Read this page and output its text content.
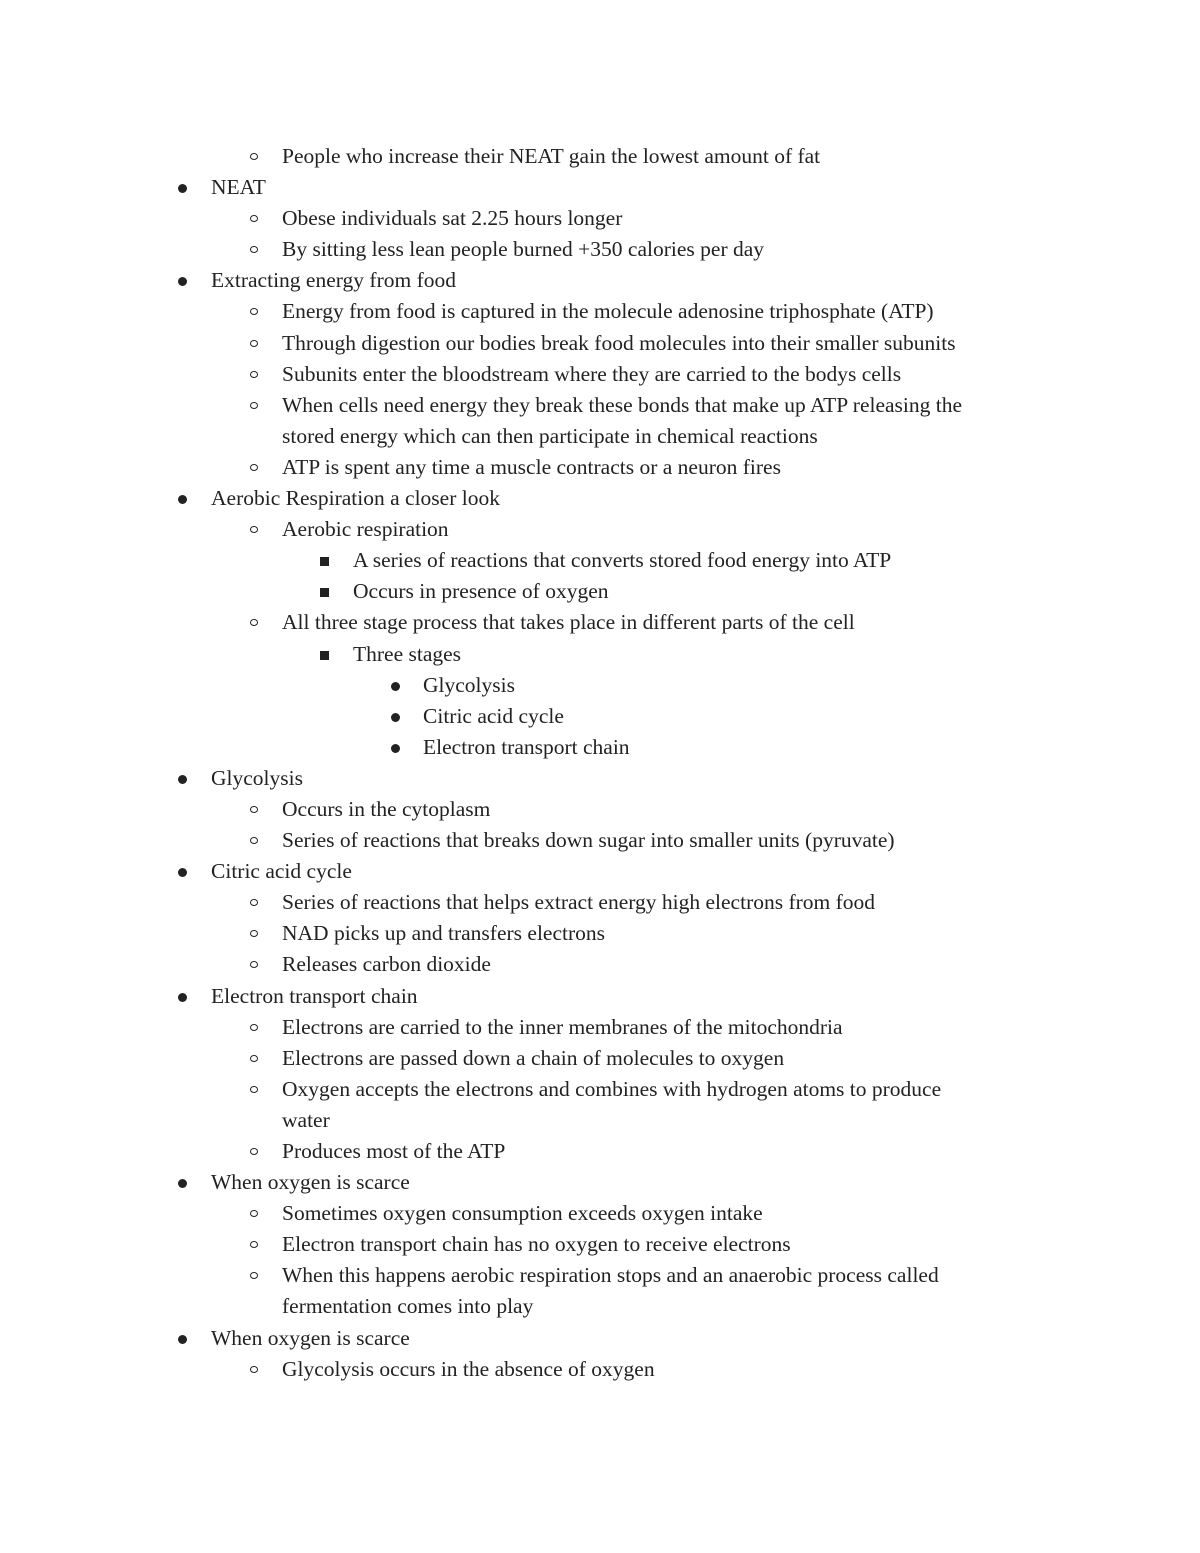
People who increase their NEAT gain the lowest amount of fat
NEAT
Obese individuals sat 2.25 hours longer
By sitting less lean people burned +350 calories per day
Extracting energy from food
Energy from food is captured in the molecule adenosine triphosphate (ATP)
Through digestion our bodies break food molecules into their smaller subunits
Subunits enter the bloodstream where they are carried to the bodys cells
When cells need energy they break these bonds that make up ATP releasing the
stored energy which can then participate in chemical reactions
ATP is spent any time a muscle contracts or a neuron fires
Aerobic Respiration a closer look
Aerobic respiration
A series of reactions that converts stored food energy into ATP
Occurs in presence of oxygen
All three stage process that takes place in different parts of the cell
Three stages
Glycolysis
Citric acid cycle
Electron transport chain
Glycolysis
Occurs in the cytoplasm
Series of reactions that breaks down sugar into smaller units (pyruvate)
Citric acid cycle
Series of reactions that helps extract energy high electrons from food
NAD picks up and transfers electrons
Releases carbon dioxide
Electron transport chain
Electrons are carried to the inner membranes of the mitochondria
Electrons are passed down a chain of molecules to oxygen
Oxygen accepts the electrons and combines with hydrogen atoms to produce
water
Produces most of the ATP
When oxygen is scarce
Sometimes oxygen consumption exceeds oxygen intake
Electron transport chain has no oxygen to receive electrons
When this happens aerobic respiration stops and an anaerobic process called
fermentation comes into play
When oxygen is scarce
Glycolysis occurs in the absence of oxygen
